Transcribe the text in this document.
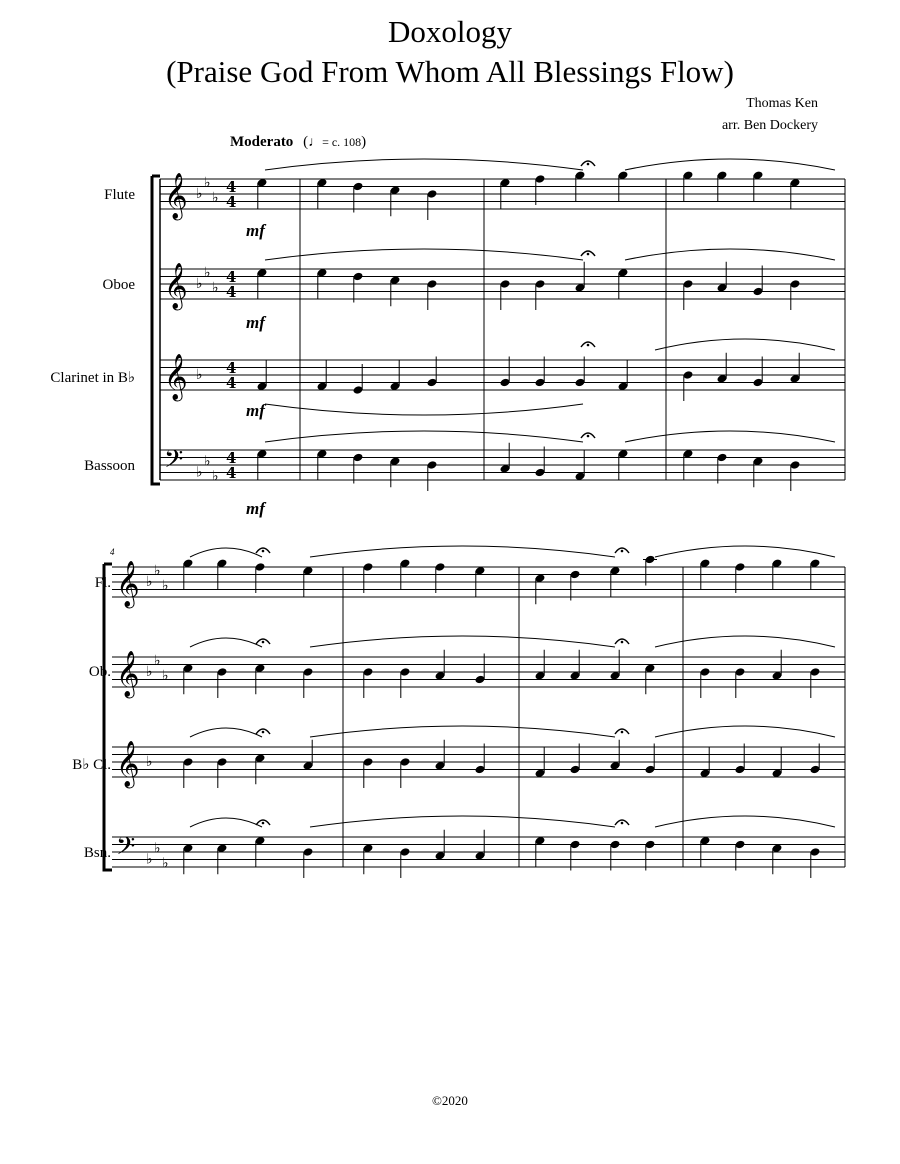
Doxology
(Praise God From Whom All Blessings Flow)
Thomas Ken
arr. Ben Dockery
Moderato (♩= c. 108)
Flute
Oboe
Clarinet in B♭
Bassoon
Fl.
Ob.
B♭ Cl.
Bsn.
4
mf
mf
mf
mf
𝄞 ♭
♭
♭
4
4
𝄞 ♭
♭
♭
4
4
𝄞 ♭ 4
4
𝄢 ♭
♭
♭
4
4
𝄞 ♭
♭
♭
𝄞 ♭
♭
♭
𝄞 ♭
𝄢 ♭
♭
♭
©2020
